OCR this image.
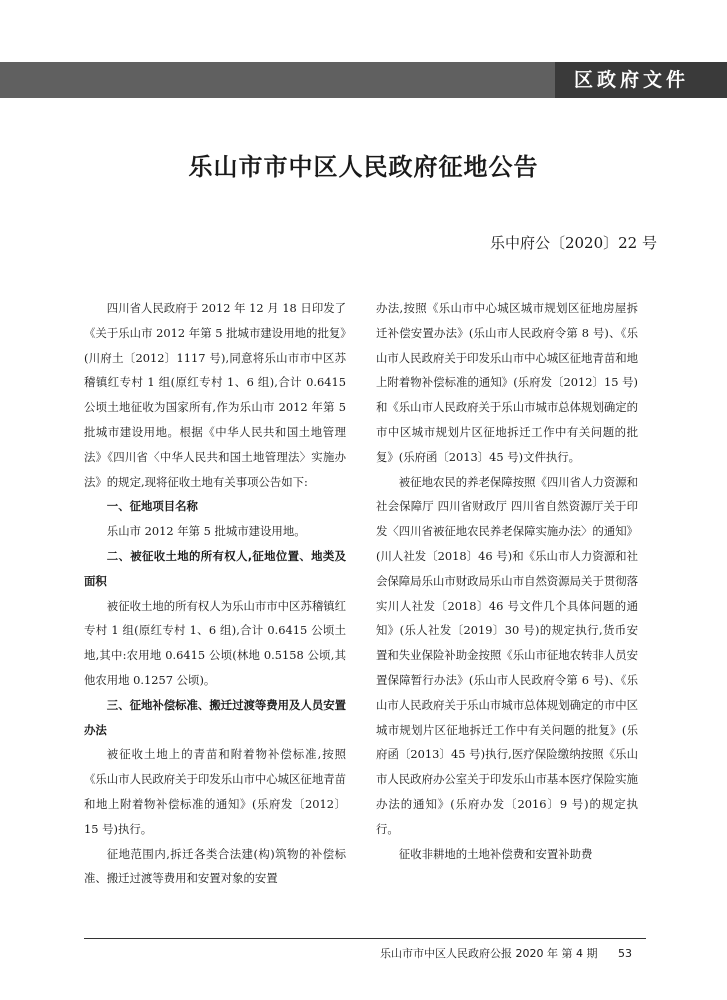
区政府文件
乐山市市中区人民政府征地公告
乐中府公〔2020〕22 号

四川省人民政府于 2012 年 12 月 18 日印发了《关于乐山市 2012 年第 5 批城市建设用地的批复》(川府土〔2012〕1117 号),同意将乐山市市中区苏稽镇红专村 1 组(原红专村 1、6 组),合计 0.6415 公顷土地征收为国家所有,作为乐山市 2012 年第 5 批城市建设用地。根据《中华人民共和国土地管理法》《四川省〈中华人民共和国土地管理法〉实施办法》的规定,现将征收土地有关事项公告如下:

一、征地项目名称

乐山市 2012 年第 5 批城市建设用地。

二、被征收土地的所有权人,征地位置、地类及面积

被征收土地的所有权人为乐山市市中区苏稽镇红专村 1 组(原红专村 1、6 组),合计 0.6415 公顷土地,其中:农用地 0.6415 公顷(林地 0.5158 公顷,其他农用地 0.1257 公顷)。

三、征地补偿标准、搬迁过渡等费用及人员安置办法

被征收土地上的青苗和附着物补偿标准,按照《乐山市人民政府关于印发乐山市中心城区征地青苗和地上附着物补偿标准的通知》(乐府发〔2012〕15 号)执行。

征地范围内,拆迁各类合法建(构)筑物的补偿标准、搬迁过渡等费用和安置对象的安置

办法,按照《乐山市中心城区城市规划区征地房屋拆迁补偿安置办法》(乐山市人民政府令第 8 号)、《乐山市人民政府关于印发乐山市中心城区征地青苗和地上附着物补偿标准的通知》(乐府发〔2012〕15 号)和《乐山市人民政府关于乐山市城市总体规划确定的市中区城市规划片区征地拆迁工作中有关问题的批复》(乐府函〔2013〕45 号)文件执行。

被征地农民的养老保障按照《四川省人力资源和社会保障厅 四川省财政厅 四川省自然资源厅关于印发〈四川省被征地农民养老保障实施办法〉的通知》(川人社发〔2018〕46 号)和《乐山市人力资源和社会保障局乐山市财政局乐山市自然资源局关于贯彻落实川人社发〔2018〕46 号文件几个具体问题的通知》(乐人社发〔2019〕30 号)的规定执行,货币安置和失业保险补助金按照《乐山市征地农转非人员安置保障暂行办法》(乐山市人民政府令第 6 号)、《乐山市人民政府关于乐山市城市总体规划确定的市中区城市规划片区征地拆迁工作中有关问题的批复》(乐府函〔2013〕45 号)执行,医疗保险缴纳按照《乐山市人民政府办公室关于印发乐山市基本医疗保险实施办法的通知》(乐府办发〔2016〕9 号)的规定执行。

征收非耕地的土地补偿费和安置补助费

乐山市市中区人民政府公报 2020 年 第 4 期 53
